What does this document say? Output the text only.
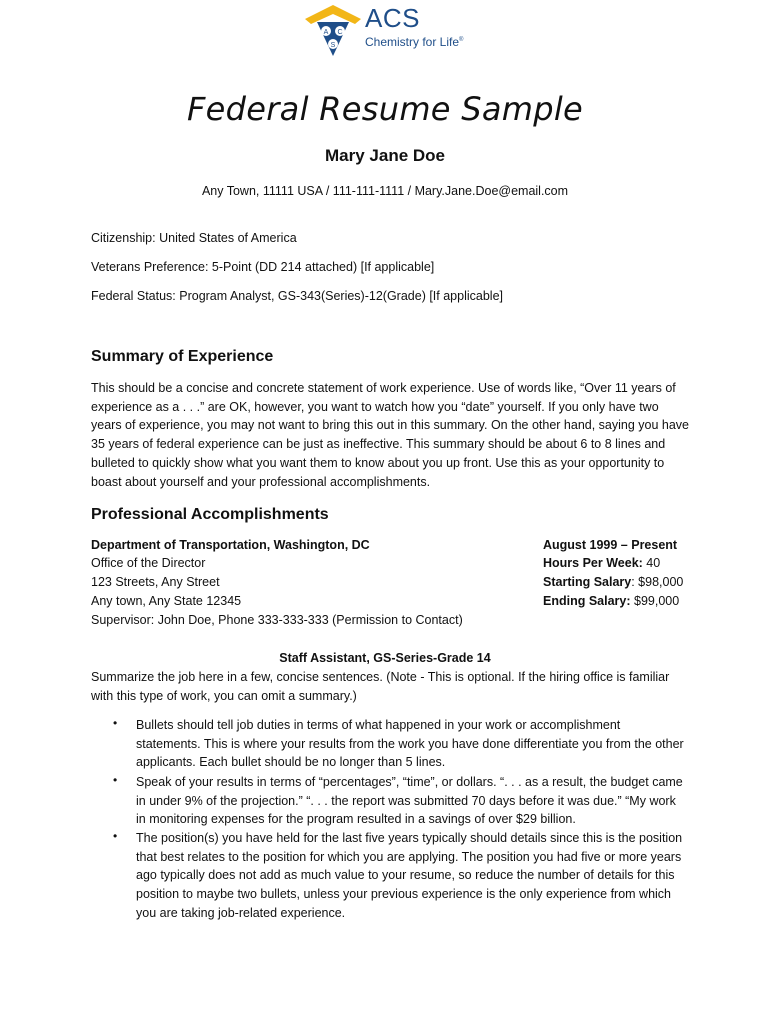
A C
S
ACS
Chemistry for Life®
Federal Resume Sample
Mary Jane Doe
Any Town, 11111 USA / 111-111-1111 / Mary.Jane.Doe@email.com
Citizenship: United States of America
Veterans Preference: 5-Point (DD 214 attached) [If applicable]
Federal Status: Program Analyst, GS-343(Series)-12(Grade) [If applicable]
Summary of Experience
This should be a concise and concrete statement of work experience. Use of words like, “Over 11 years of experience as a . . .” are OK, however, you want to watch how you “date” yourself. If you only have two years of experience, you may not want to bring this out in this summary. On the other hand, saying you have 35 years of federal experience can be just as ineffective. This summary should be about 6 to 8 lines and bulleted to quickly show what you want them to know about you up front. Use this as your opportunity to boast about yourself and your professional accomplishments.
Professional Accomplishments
Department of Transportation, Washington, DC
Office of the Director
123 Streets, Any Street
Any town, Any State 12345
Supervisor: John Doe, Phone 333-333-333 (Permission to Contact)
August 1999 – Present
Hours Per Week: 40
Starting Salary: $98,000
Ending Salary: $99,000
Staff Assistant, GS-Series-Grade 14
Summarize the job here in a few, concise sentences. (Note - This is optional. If the hiring office is familiar with this type of work, you can omit a summary.)
• Bullets should tell job duties in terms of what happened in your work or accomplishment statements. This is where your results from the work you have done differentiate you from the other applicants. Each bullet should be no longer than 5 lines.
• Speak of your results in terms of “percentages”, “time”, or dollars. “. . . as a result, the budget came in under 9% of the projection.” “. . . the report was submitted 70 days before it was due.” “My work in monitoring expenses for the program resulted in a savings of over $29 billion.
• The position(s) you have held for the last five years typically should details since this is the position that best relates to the position for which you are applying. The position you had five or more years ago typically does not add as much value to your resume, so reduce the number of details for this position to maybe two bullets, unless your previous experience is the only experience from which you are taking job-related experience.
